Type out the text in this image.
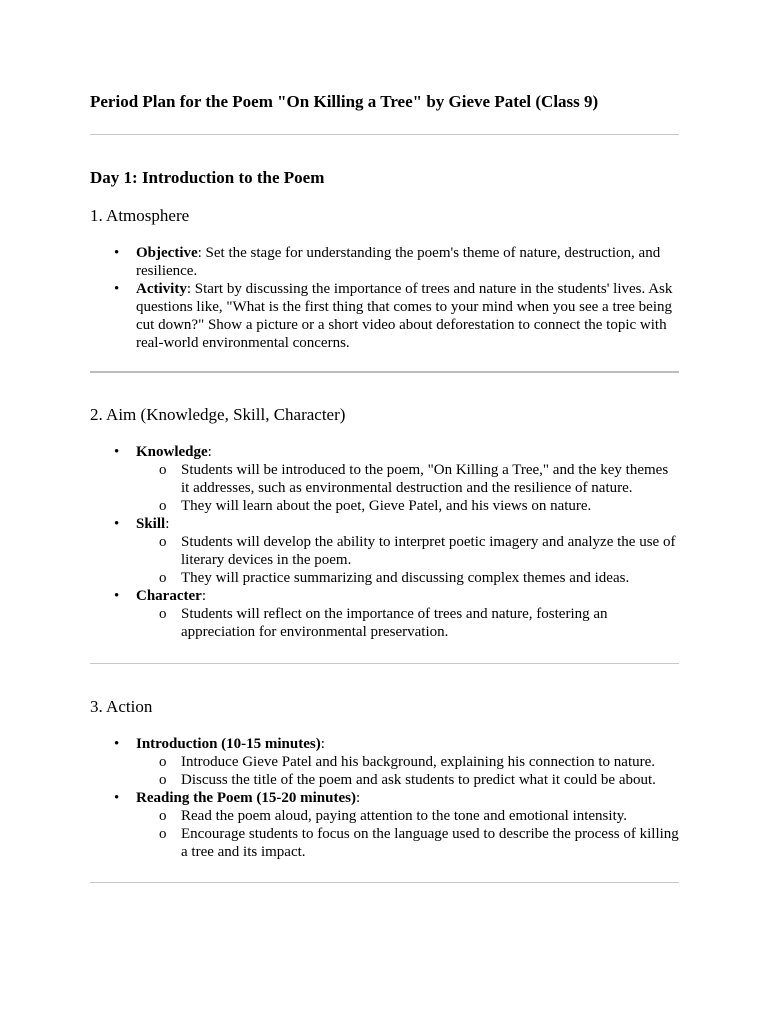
Period Plan for the Poem "On Killing a Tree" by Gieve Patel (Class 9)
Day 1: Introduction to the Poem
1. Atmosphere
• Objective: Set the stage for understanding the poem's theme of nature, destruction, and resilience.
• Activity: Start by discussing the importance of trees and nature in the students' lives. Ask questions like, "What is the first thing that comes to your mind when you see a tree being cut down?" Show a picture or a short video about deforestation to connect the topic with real-world environmental concerns.
2. Aim (Knowledge, Skill, Character)
• Knowledge:
o Students will be introduced to the poem, "On Killing a Tree," and the key themes it addresses, such as environmental destruction and the resilience of nature.
o They will learn about the poet, Gieve Patel, and his views on nature.
• Skill:
o Students will develop the ability to interpret poetic imagery and analyze the use of literary devices in the poem.
o They will practice summarizing and discussing complex themes and ideas.
• Character:
o Students will reflect on the importance of trees and nature, fostering an appreciation for environmental preservation.
3. Action
• Introduction (10-15 minutes):
o Introduce Gieve Patel and his background, explaining his connection to nature.
o Discuss the title of the poem and ask students to predict what it could be about.
• Reading the Poem (15-20 minutes):
o Read the poem aloud, paying attention to the tone and emotional intensity.
o Encourage students to focus on the language used to describe the process of killing a tree and its impact.
